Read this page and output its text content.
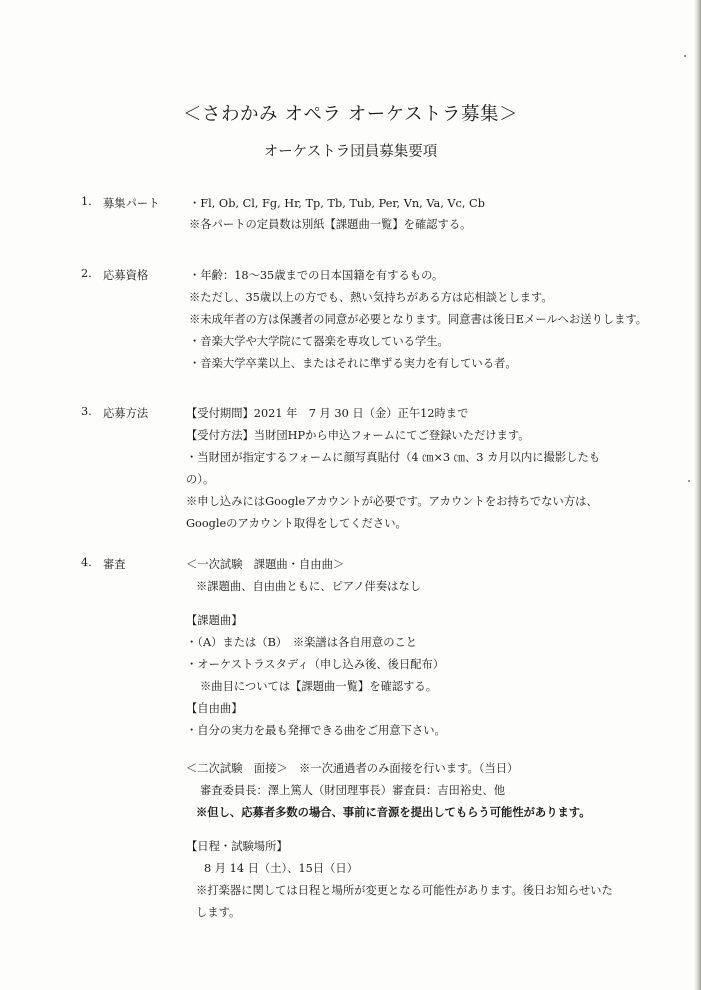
＜さわかみ オペラ オーケストラ募集＞
オーケストラ団員募集要項
1. 募集パート	・Fl, Ob, Cl, Fg, Hr, Tp, Tb, Tub, Per, Vn, Va, Vc, Cb
※各パートの定員数は別紙【課題曲一覧】を確認する。
2. 応募資格	・年齢：18〜35歳までの日本国籍を有するもの。
※ただし、35歳以上の方でも、熱い気持ちがある方は応相談とします。
※未成年者の方は保護者の同意が必要となります。同意書は後日Eメールへお送りします。
・音楽大学や大学院にて器楽を専攻している学生。
・音楽大学卒業以上、またはそれに準ずる実力を有している者。
3. 応募方法	【受付期間】2021 年　7 月 30 日（金）正午12時まで
【受付方法】当財団HPから申込フォームにてご登録いただけます。
・当財団が指定するフォームに顔写真貼付（4 ㎝×3 ㎝、3 カ月以内に撮影したも
の）。
※申し込みにはGoogleアカウントが必要です。アカウントをお持ちでない方は、
Googleのアカウント取得をしてください。
4. 審査	＜一次試験　課題曲・自由曲＞
※課題曲、自由曲ともに、ピアノ伴奏はなし
【課題曲】
・（A）または（B）　※楽譜は各自用意のこと
・オーケストラスタディ（申し込み後、後日配布）
※曲目については【課題曲一覧】を確認する。
【自由曲】
・自分の実力を最も発揮できる曲をご用意下さい。
＜二次試験　面接＞　※一次通過者のみ面接を行います。（当日）
審査委員長：澤上篤人（財団理事長）審査員：吉田裕史、他
※但し、応募者多数の場合、事前に音源を提出してもらう可能性があります。
【日程・試験場所】
8 月 14 日（土）、15日（日）
※打楽器に関しては日程と場所が変更となる可能性があります。後日お知らせいた
します。
